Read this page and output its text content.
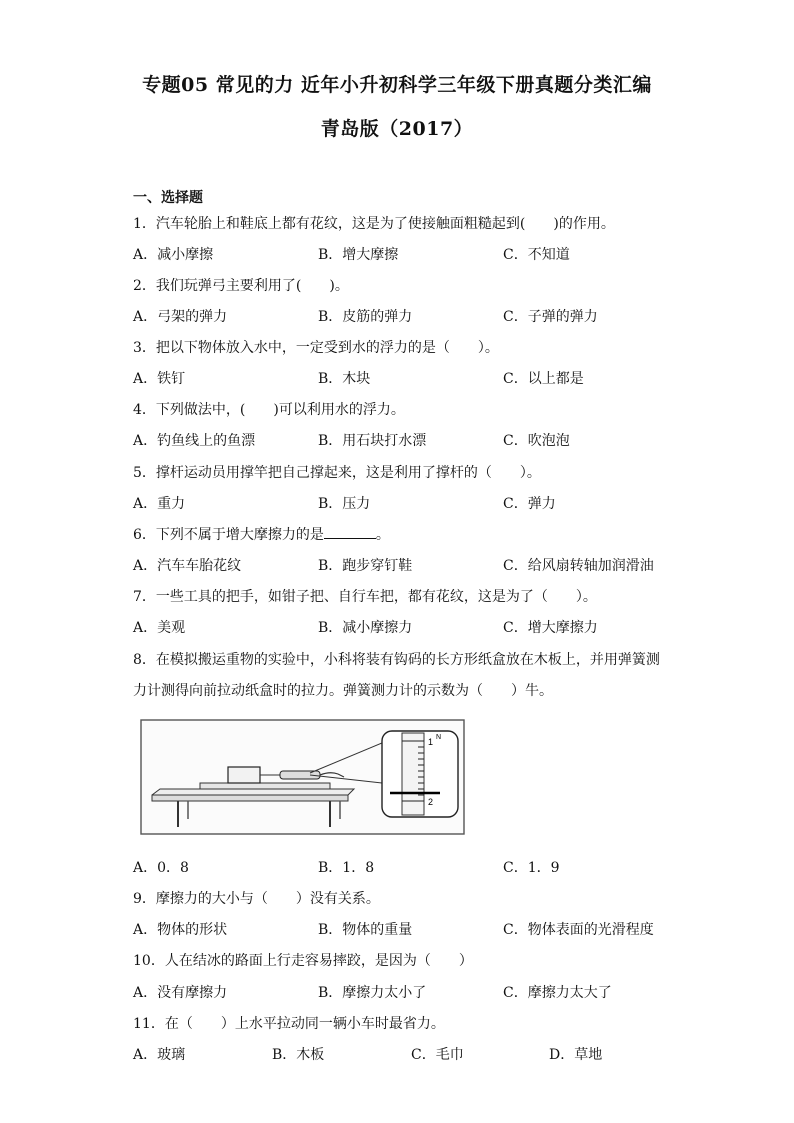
专题05 常见的力 近年小升初科学三年级下册真题分类汇编
青岛版（2017）
一、选择题
1．汽车轮胎上和鞋底上都有花纹，这是为了使接触面粗糙起到(　　)的作用。
A．减小摩擦	B．增大摩擦	C．不知道
2．我们玩弹弓主要利用了(　　)。
A．弓架的弹力	B．皮筋的弹力	C．子弹的弹力
3．把以下物体放入水中，一定受到水的浮力的是（　　）。
A．铁钉	B．木块	C．以上都是
4．下列做法中，(　　)可以利用水的浮力。
A．钓鱼线上的鱼漂	B．用石块打水漂	C．吹泡泡
5．撑杆运动员用撑竿把自己撑起来，这是利用了撑杆的（　　）。
A．重力	B．压力	C．弹力
6．下列不属于增大摩擦力的是	。
A．汽车车胎花纹	B．跑步穿钉鞋	C．给风扇转轴加润滑油
7．一些工具的把手，如钳子把、自行车把，都有花纹，这是为了（　　）。
A．美观	B．减小摩擦力	C．增大摩擦力
8．在模拟搬运重物的实验中，小科将装有钩码的长方形纸盒放在木板上，并用弹簧测
力计测得向前拉动纸盒时的拉力。弹簧测力计的示数为（　　）牛。
1 N
2
A．0．8	B．1．8	C．1．9
9．摩擦力的大小与（　　）没有关系。
A．物体的形状	B．物体的重量	C．物体表面的光滑程度
10．人在结冰的路面上行走容易摔跤，是因为（　　）
A．没有摩擦力	B．摩擦力太小了	C．摩擦力太大了
11．在（　　）上水平拉动同一辆小车时最省力。
A．玻璃	B．木板	C．毛巾	D．草地
